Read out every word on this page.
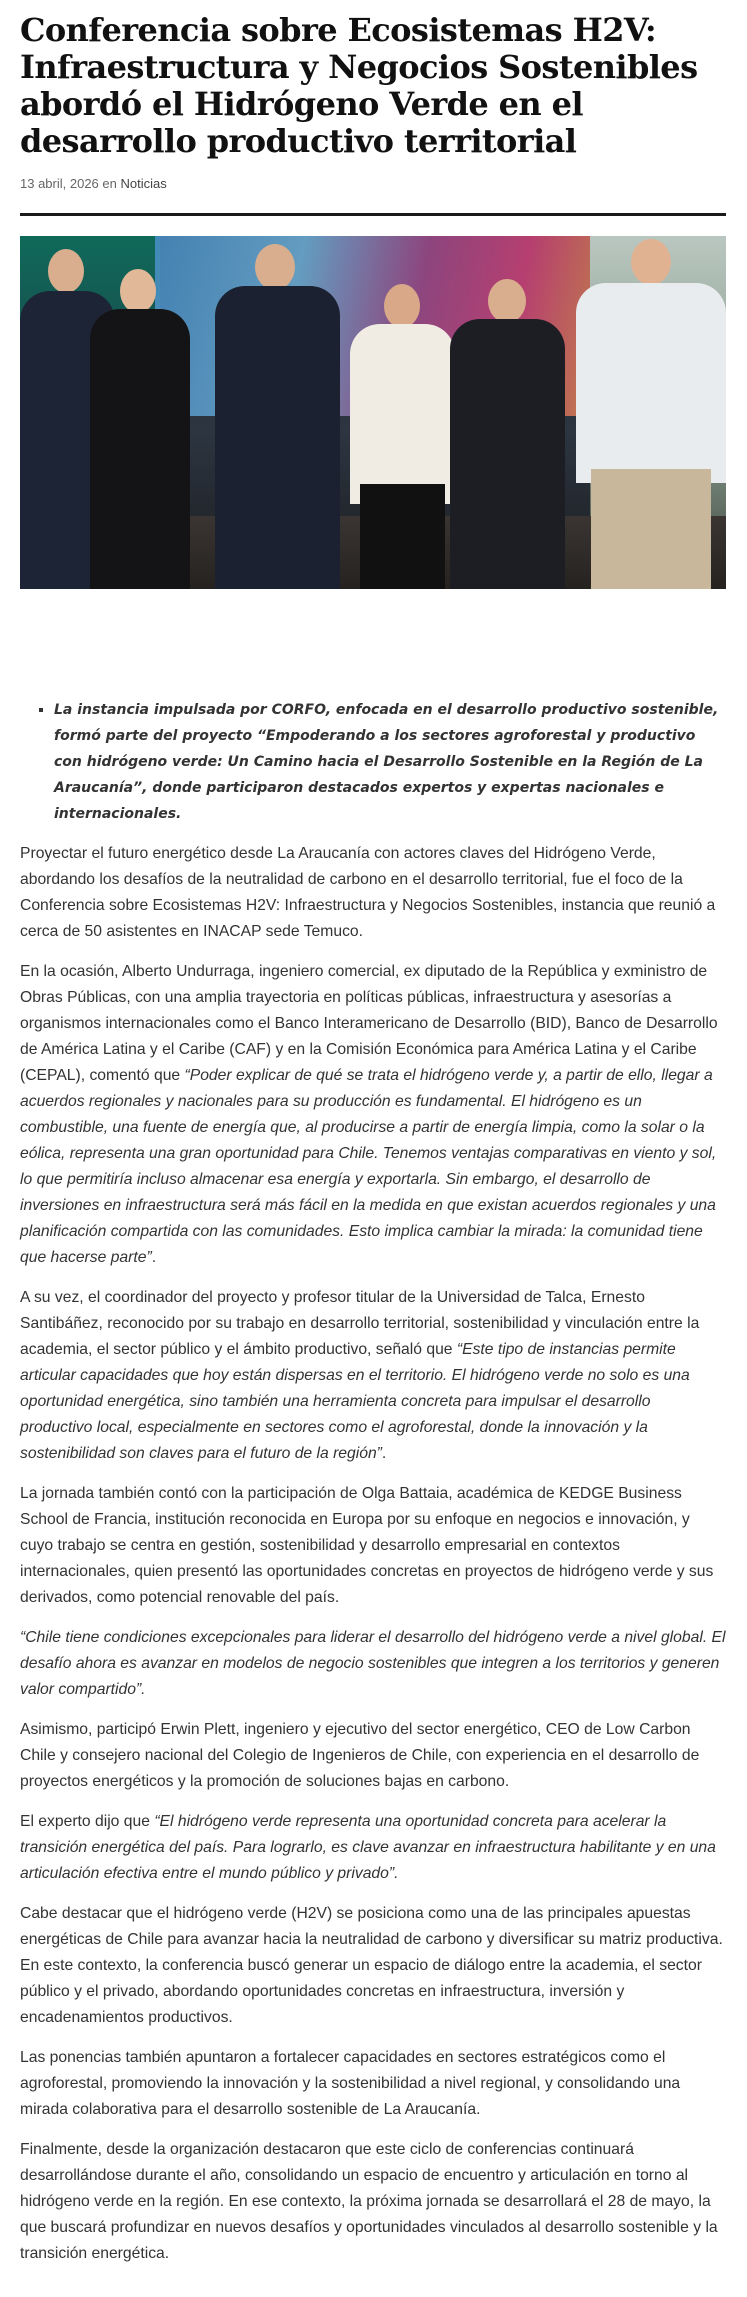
Conferencia sobre Ecosistemas H2V: Infraestructura y Negocios Sostenibles abordó el Hidrógeno Verde en el desarrollo productivo territorial
13 abril, 2026 en Noticias
▪ La instancia impulsada por CORFO, enfocada en el desarrollo productivo sostenible, formó parte del proyecto “Empoderando a los sectores agroforestal y productivo con hidrógeno verde: Un Camino hacia el Desarrollo Sostenible en la Región de La Araucanía”, donde participaron destacados expertos y expertas nacionales e internacionales.

Proyectar el futuro energético desde La Araucanía con actores claves del Hidrógeno Verde, abordando los desafíos de la neutralidad de carbono en el desarrollo territorial, fue el foco de la Conferencia sobre Ecosistemas H2V: Infraestructura y Negocios Sostenibles, instancia que reunió a cerca de 50 asistentes en INACAP sede Temuco.

En la ocasión, Alberto Undurraga, ingeniero comercial, ex diputado de la República y exministro de Obras Públicas, con una amplia trayectoria en políticas públicas, infraestructura y asesorías a organismos internacionales como el Banco Interamericano de Desarrollo (BID), Banco de Desarrollo de América Latina y el Caribe (CAF) y en la Comisión Económica para América Latina y el Caribe (CEPAL), comentó que “Poder explicar de qué se trata el hidrógeno verde y, a partir de ello, llegar a acuerdos regionales y nacionales para su producción es fundamental. El hidrógeno es un combustible, una fuente de energía que, al producirse a partir de energía limpia, como la solar o la eólica, representa una gran oportunidad para Chile. Tenemos ventajas comparativas en viento y sol, lo que permitiría incluso almacenar esa energía y exportarla. Sin embargo, el desarrollo de inversiones en infraestructura será más fácil en la medida en que existan acuerdos regionales y una planificación compartida con las comunidades. Esto implica cambiar la mirada: la comunidad tiene que hacerse parte”.

A su vez, el coordinador del proyecto y profesor titular de la Universidad de Talca, Ernesto Santibáñez, reconocido por su trabajo en desarrollo territorial, sostenibilidad y vinculación entre la academia, el sector público y el ámbito productivo, señaló que “Este tipo de instancias permite articular capacidades que hoy están dispersas en el territorio. El hidrógeno verde no solo es una oportunidad energética, sino también una herramienta concreta para impulsar el desarrollo productivo local, especialmente en sectores como el agroforestal, donde la innovación y la sostenibilidad son claves para el futuro de la región”.

La jornada también contó con la participación de Olga Battaia, académica de KEDGE Business School de Francia, institución reconocida en Europa por su enfoque en negocios e innovación, y cuyo trabajo se centra en gestión, sostenibilidad y desarrollo empresarial en contextos internacionales, quien presentó las oportunidades concretas en proyectos de hidrógeno verde y sus derivados, como potencial renovable del país.

“Chile tiene condiciones excepcionales para liderar el desarrollo del hidrógeno verde a nivel global. El desafío ahora es avanzar en modelos de negocio sostenibles que integren a los territorios y generen valor compartido”.

Asimismo, participó Erwin Plett, ingeniero y ejecutivo del sector energético, CEO de Low Carbon Chile y consejero nacional del Colegio de Ingenieros de Chile, con experiencia en el desarrollo de proyectos energéticos y la promoción de soluciones bajas en carbono.

El experto dijo que “El hidrógeno verde representa una oportunidad concreta para acelerar la transición energética del país. Para lograrlo, es clave avanzar en infraestructura habilitante y en una articulación efectiva entre el mundo público y privado”.

Cabe destacar que el hidrógeno verde (H2V) se posiciona como una de las principales apuestas energéticas de Chile para avanzar hacia la neutralidad de carbono y diversificar su matriz productiva. En este contexto, la conferencia buscó generar un espacio de diálogo entre la academia, el sector público y el privado, abordando oportunidades concretas en infraestructura, inversión y encadenamientos productivos.

Las ponencias también apuntaron a fortalecer capacidades en sectores estratégicos como el agroforestal, promoviendo la innovación y la sostenibilidad a nivel regional, y consolidando una mirada colaborativa para el desarrollo sostenible de La Araucanía.

Finalmente, desde la organización destacaron que este ciclo de conferencias continuará desarrollándose durante el año, consolidando un espacio de encuentro y articulación en torno al hidrógeno verde en la región. En ese contexto, la próxima jornada se desarrollará el 28 de mayo, la que buscará profundizar en nuevos desafíos y oportunidades vinculados al desarrollo sostenible y la transición energética.
